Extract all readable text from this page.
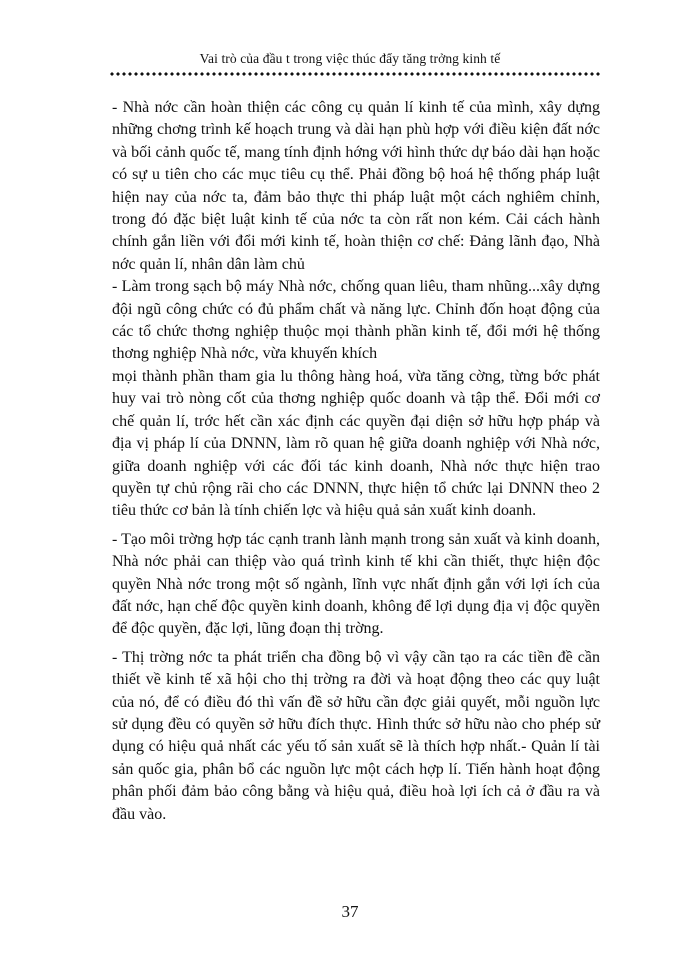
Vai trò của đầu t trong việc thúc đẩy tăng trởng kinh tế

- Nhà nớc cần hoàn thiện các công cụ quản lí kinh tế của mình, xây dựng những chơng trình kế hoạch trung và dài hạn phù hợp với điều kiện đất nớc và bối cảnh quốc tế, mang tính định hớng với hình thức dự báo dài hạn hoặc có sự u tiên cho các mục tiêu cụ thể. Phải đồng bộ hoá hệ thống pháp luật hiện nay của nớc ta, đảm bảo thực thi pháp luật một cách nghiêm chỉnh, trong đó đặc biệt luật kinh tế của nớc ta còn rất non kém. Cải cách hành chính gắn liền với đổi mới kinh tế, hoàn thiện cơ chế: Đảng lãnh đạo, Nhà nớc quản lí, nhân dân làm chủ

- Làm trong sạch bộ máy Nhà nớc, chống quan liêu, tham nhũng...xây dựng đội ngũ công chức có đủ phẩm chất và năng lực. Chỉnh đốn hoạt động của các tổ chức thơng nghiệp thuộc mọi thành phần kinh tế, đổi mới hệ thống thơng nghiệp Nhà nớc, vừa khuyến khích

mọi thành phần tham gia lu thông hàng hoá, vừa tăng cờng, từng bớc phát huy vai trò nòng cốt của thơng nghiệp quốc doanh và tập thể. Đổi mới cơ chế quản lí, trớc hết cần xác định các quyền đại diện sở hữu hợp pháp và địa vị pháp lí của DNNN, làm rõ quan hệ giữa doanh nghiệp với Nhà nớc, giữa doanh nghiệp với các đối tác kinh doanh, Nhà nớc thực hiện trao quyền tự chủ rộng rãi cho các DNNN, thực hiện tổ chức lại DNNN theo 2 tiêu thức cơ bản là tính chiến lợc và hiệu quả sản xuất kinh doanh.

- Tạo môi trờng hợp tác cạnh tranh lành mạnh trong sản xuất và kinh doanh, Nhà nớc phải can thiệp vào quá trình kinh tế khi cần thiết, thực hiện độc quyền Nhà nớc trong một số ngành, lĩnh vực nhất định gắn với lợi ích của đất nớc, hạn chế độc quyền kinh doanh, không để lợi dụng địa vị độc quyền để độc quyền, đặc lợi, lũng đoạn thị trờng.

- Thị trờng nớc ta phát triển cha đồng bộ vì vậy cần tạo ra các tiền đề cần thiết về kinh tế xã hội cho thị trờng ra đời và hoạt động theo các quy luật của nó, để có điều đó thì vấn đề sở hữu cần đợc giải quyết, mỗi nguồn lực sử dụng đều có quyền sở hữu đích thực. Hình thức sở hữu nào cho phép sử dụng có hiệu quả nhất các yếu tố sản xuất sẽ là thích hợp nhất.- Quản lí tài sản quốc gia, phân bổ các nguồn lực một cách hợp lí. Tiến hành hoạt động phân phối đảm bảo công bằng và hiệu quả, điều hoà lợi ích cả ở đầu ra và đầu vào.

37
